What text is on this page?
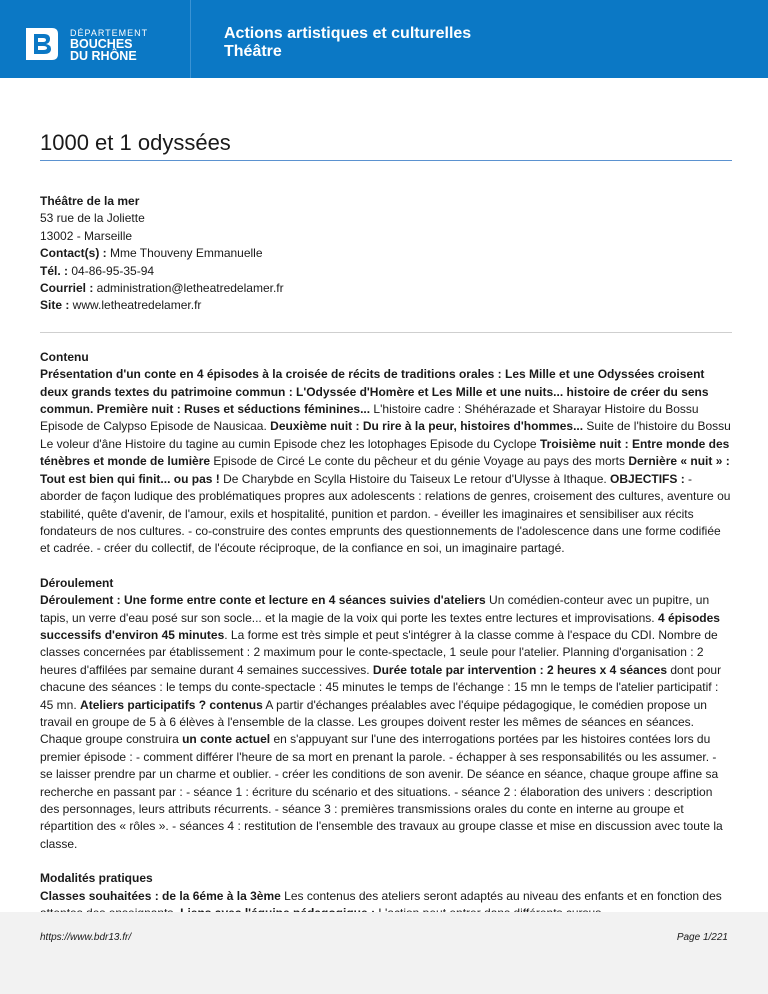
DÉPARTEMENT
BOUCHES
DU RHÔNE
Actions artistiques et culturelles
Théâtre
1000 et 1 odyssées

Théâtre de la mer

53 rue de la Joliette

13002 - Marseille

Contact(s) : Mme Thouveny Emmanuelle

Tél. : 04-86-95-35-94

Courriel : administration@letheatredelamer.fr

Site : www.letheatredelamer.fr

Contenu

Présentation d'un conte en 4 épisodes à la croisée de récits de traditions orales : Les Mille et une Odyssées croisent deux grands textes du patrimoine commun : L'Odyssée d'Homère et Les Mille et une nuits... histoire de créer du sens commun. Première nuit : Ruses et séductions féminines... L'histoire cadre : Shéhérazade et Sharayar Histoire du Bossu Episode de Calypso Episode de Nausicaa. Deuxième nuit : Du rire à la peur, histoires d'hommes... Suite de l'histoire du Bossu Le voleur d'âne Histoire du tagine au cumin Episode chez les lotophages Episode du Cyclope Troisième nuit : Entre monde des ténèbres et monde de lumière Episode de Circé Le conte du pêcheur et du génie Voyage au pays des morts Dernière « nuit » : Tout est bien qui finit... ou pas ! De Charybde en Scylla Histoire du Taiseux Le retour d'Ulysse à Ithaque. OBJECTIFS : - aborder de façon ludique des problématiques propres aux adolescents : relations de genres, croisement des cultures, aventure ou stabilité, quête d'avenir, de l'amour, exils et hospitalité, punition et pardon. - éveiller les imaginaires et sensibiliser aux récits fondateurs de nos cultures. - co-construire des contes emprunts des questionnements de l'adolescence dans une forme codifiée et cadrée. - créer du collectif, de l'écoute réciproque, de la confiance en soi, un imaginaire partagé.

Déroulement

Déroulement : Une forme entre conte et lecture en 4 séances suivies d'ateliers Un comédien-conteur avec un pupitre, un tapis, un verre d'eau posé sur son socle... et la magie de la voix qui porte les textes entre lectures et improvisations. 4 épisodes successifs d'environ 45 minutes. La forme est très simple et peut s'intégrer à la classe comme à l'espace du CDI. Nombre de classes concernées par établissement : 2 maximum pour le conte-spectacle, 1 seule pour l'atelier. Planning d'organisation : 2 heures d'affilées par semaine durant 4 semaines successives. Durée totale par intervention : 2 heures x 4 séances dont pour chacune des séances : le temps du conte-spectacle : 45 minutes le temps de l'échange : 15 mn le temps de l'atelier participatif : 45 mn. Ateliers participatifs ? contenus A partir d'échanges préalables avec l'équipe pédagogique, le comédien propose un travail en groupe de 5 à 6 élèves à l'ensemble de la classe. Les groupes doivent rester les mêmes de séances en séances. Chaque groupe construira un conte actuel en s'appuyant sur l'une des interrogations portées par les histoires contées lors du premier épisode : - comment différer l'heure de sa mort en prenant la parole. - échapper à ses responsabilités ou les assumer. - se laisser prendre par un charme et oublier. - créer les conditions de son avenir. De séance en séance, chaque groupe affine sa recherche en passant par : - séance 1 : écriture du scénario et des situations. - séance 2 : élaboration des univers : description des personnages, leurs attributs récurrents. - séance 3 : premières transmissions orales du conte en interne au groupe et répartition des « rôles ». - séances 4 : restitution de l'ensemble des travaux au groupe classe et mise en discussion avec toute la classe.

Modalités pratiques

Classes souhaitées : de la 6éme à la 3ème Les contenus des ateliers seront adaptés au niveau des enfants et en fonction des

https://www.bdr13.fr/	Page 1/221
